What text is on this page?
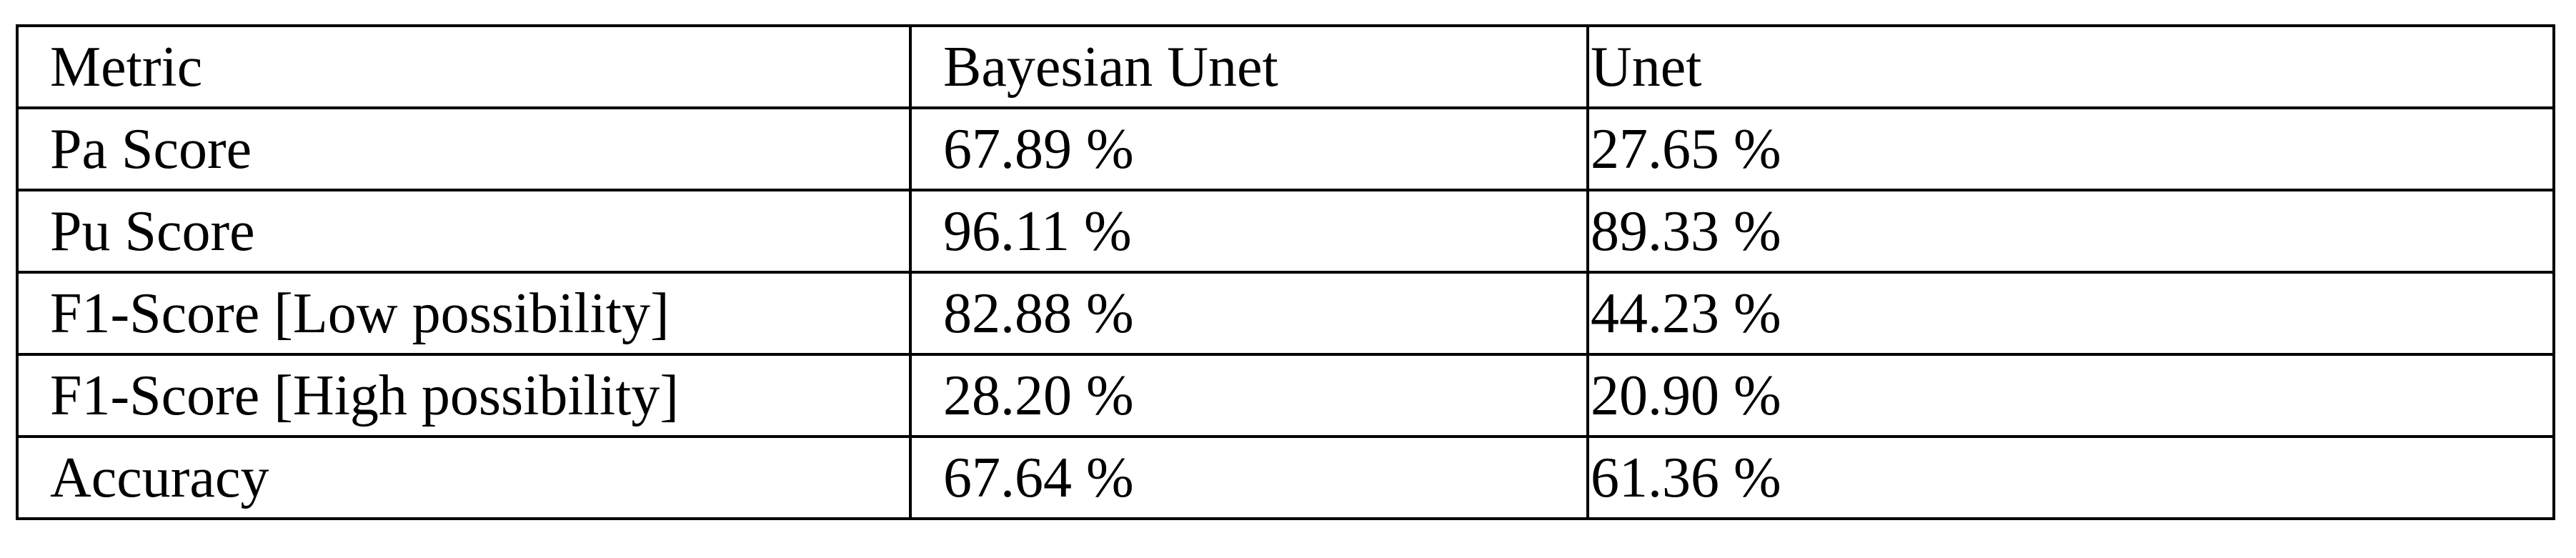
Metric	Bayesian Unet	Unet
Pa Score	67.89 %	27.65 %
Pu Score	96.11 %	89.33 %
F1-Score [Low possibility]	82.88 %	44.23 %
F1-Score [High possibility]	28.20 %	20.90 %
Accuracy	67.64 %	61.36 %
